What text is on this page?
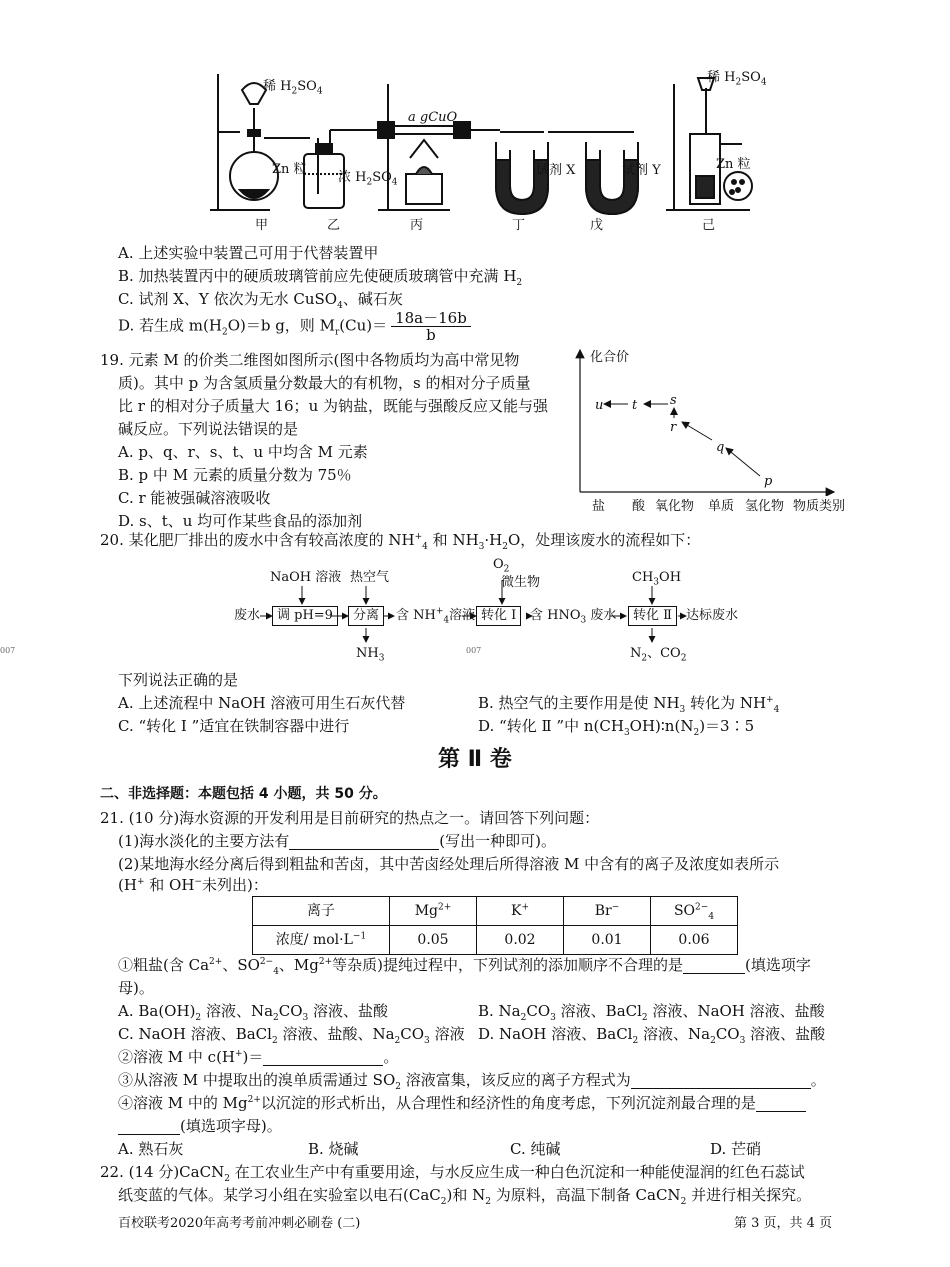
稀 $H_2SO_4$
Zn 粒
浓 $H_2SO_4$
a gCuO
试剂 X	试剂 Y
稀 $H_2SO_4$
Zn 粒
甲	乙	丙	丁	戊	己
A. 上述实验中装置己可用于代替装置甲
B. 加热装置丙中的硬质玻璃管前应先使硬质玻璃管中充满 $H_2$
C. 试剂 X、Y 依次为无水 CuSO$_4$、碱石灰
D. 若生成 $m(H_2O)=b$ g，则 $M_r(Cu)= \frac{18a-16b}{b}$
19. 元素 M 的价类二维图如图所示(图中各物质均为高中常见物
质)。其中 p 为含氢质量分数最大的有机物，s 的相对分子质量
比 r 的相对分子质量大 16；u 为钠盐，既能与强酸反应又能与强
碱反应。下列说法错误的是
A. p、q、r、s、t、u 中均含 M 元素
B. p 中 M 元素的质量分数为 75％
C. r 能被强碱溶液吸收
D. s、t、u 均可作某些食品的添加剂
化合价
u t	s
r
q
p
盐 酸 氧化物 单质 氢化物 物质类别
20. 某化肥厂排出的废水中含有较高浓度的 $NH^+_4$ 和 $NH_3\cdot H_2O$，处理该废水的流程如下：
NaOH 溶液 热空气
$O_2$
微生物	$CH_3OH$
废水	调 pH=9	分离	含 $NH^+_4$溶液 转化 I	含 $HNO_3$ 废水	转化 Ⅱ	达标废水
$NH_3$	$N_2$、$CO_2$
007	007
下列说法正确的是
A. 上述流程中 NaOH 溶液可用生石灰代替	B. 热空气的主要作用是使 $NH_3$ 转化为 $NH^+_4$
C. “转化 I ”适宜在铁制容器中进行	D. “转化 Ⅱ ”中 $n(CH_3OH)∶n(N_2)=3∶5$
第 Ⅱ 卷
二、非选择题：本题包括 4 小题，共 50 分。
21. (10 分)海水资源的开发利用是目前研究的热点之一。请回答下列问题：
(1)海水淡化的主要方法有	(写出一种即可)。
(2)某地海水经分离后得到粗盐和苦卤，其中苦卤经处理后所得溶液 M 中含有的离子及浓度如表所示
(H+ 和 OH−未列出)：
离子	$Mg^{2+}$	K+	Br−	$SO^{2-}_4$
浓度/ $mol\cdot L^{-1}$	0.05	0.02	0.01	0.06
①粗盐(含 $Ca^{2+}$、$SO^{2-}_4$、$Mg^{2+}$等杂质)提纯过程中，下列试剂的添加顺序不合理的是	(填选项字
母)。
A. $Ba(OH)_2$ 溶液、$Na_2CO_3$ 溶液、盐酸	B. $Na_2CO_3$ 溶液、BaCl$_2$ 溶液、NaOH 溶液、盐酸
C. NaOH 溶液、BaCl$_2$ 溶液、盐酸、$Na_2CO_3$ 溶液 D. NaOH 溶液、BaCl$_2$ 溶液、$Na_2CO_3$ 溶液、盐酸
②溶液 M 中 c(H+)＝	。
③从溶液 M 中提取出的溴单质需通过 $SO_2$ 溶液富集，该反应的离子方程式为	。
④溶液 M 中的 $Mg^{2+}$以沉淀的形式析出，从合理性和经济性的角度考虑，下列沉淀剂最合理的是
(填选项字母)。
A. 熟石灰	B. 烧碱	C. 纯碱	D. 芒硝
22. (14 分)CaCN$_2$ 在工农业生产中有重要用途，与水反应生成一种白色沉淀和一种能使湿润的红色石蕊试
纸变蓝的气体。某学习小组在实验室以电石(CaC$_2$)和 $N_2$ 为原料，高温下制备 CaCN$_2$ 并进行相关探究。
百校联考2020年高考考前冲刺必刷卷 (二)	第 3 页，共 4 页
